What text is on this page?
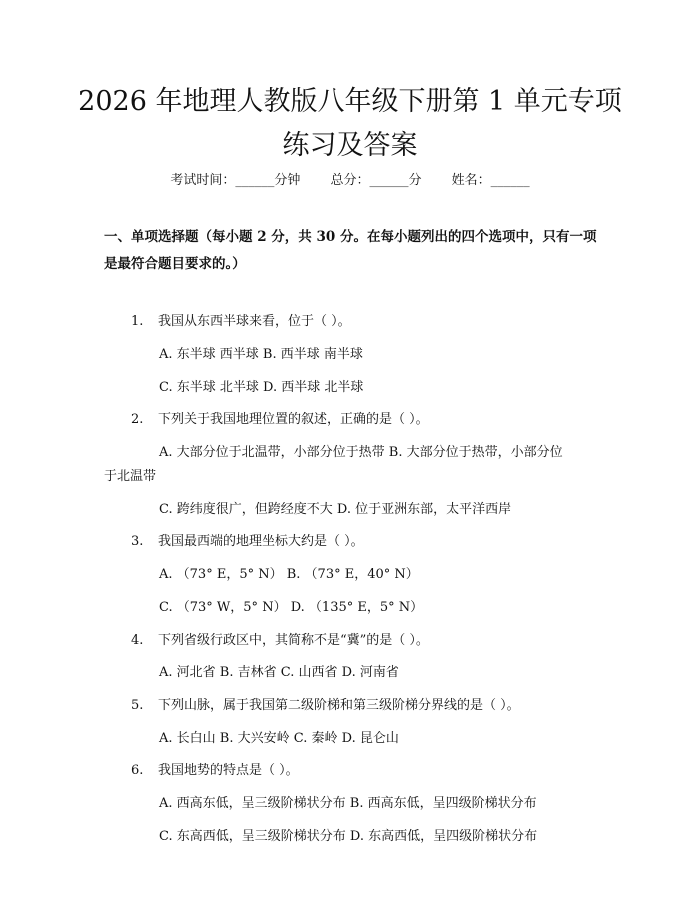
2026 年地理人教版八年级下册第 1 单元专项
练习及答案
考试时间：______分钟 总分：______分 姓名：______
一、单项选择题（每小题 2 分，共 30 分。在每小题列出的四个选项中，只有一项是最符合题目要求的。）
1. 我国从东西半球来看，位于（ ）。
A. 东半球 西半球 B. 西半球 南半球
C. 东半球 北半球 D. 西半球 北半球
2. 下列关于我国地理位置的叙述，正确的是（ ）。
A. 大部分位于北温带，小部分位于热带 B. 大部分位于热带，小部分位
于北温带
C. 跨纬度很广，但跨经度不大 D. 位于亚洲东部，太平洋西岸
3. 我国最西端的地理坐标大约是（ ）。
A. （73° E，5° N） B. （73° E，40° N）
C. （73° W，5° N） D. （135° E，5° N）
4. 下列省级行政区中，其简称不是“冀”的是（ ）。
A. 河北省 B. 吉林省 C. 山西省 D. 河南省
5. 下列山脉，属于我国第二级阶梯和第三级阶梯分界线的是（ ）。
A. 长白山 B. 大兴安岭 C. 秦岭 D. 昆仑山
6. 我国地势的特点是（ ）。
A. 西高东低，呈三级阶梯状分布 B. 西高东低，呈四级阶梯状分布
C. 东高西低，呈三级阶梯状分布 D. 东高西低，呈四级阶梯状分布
